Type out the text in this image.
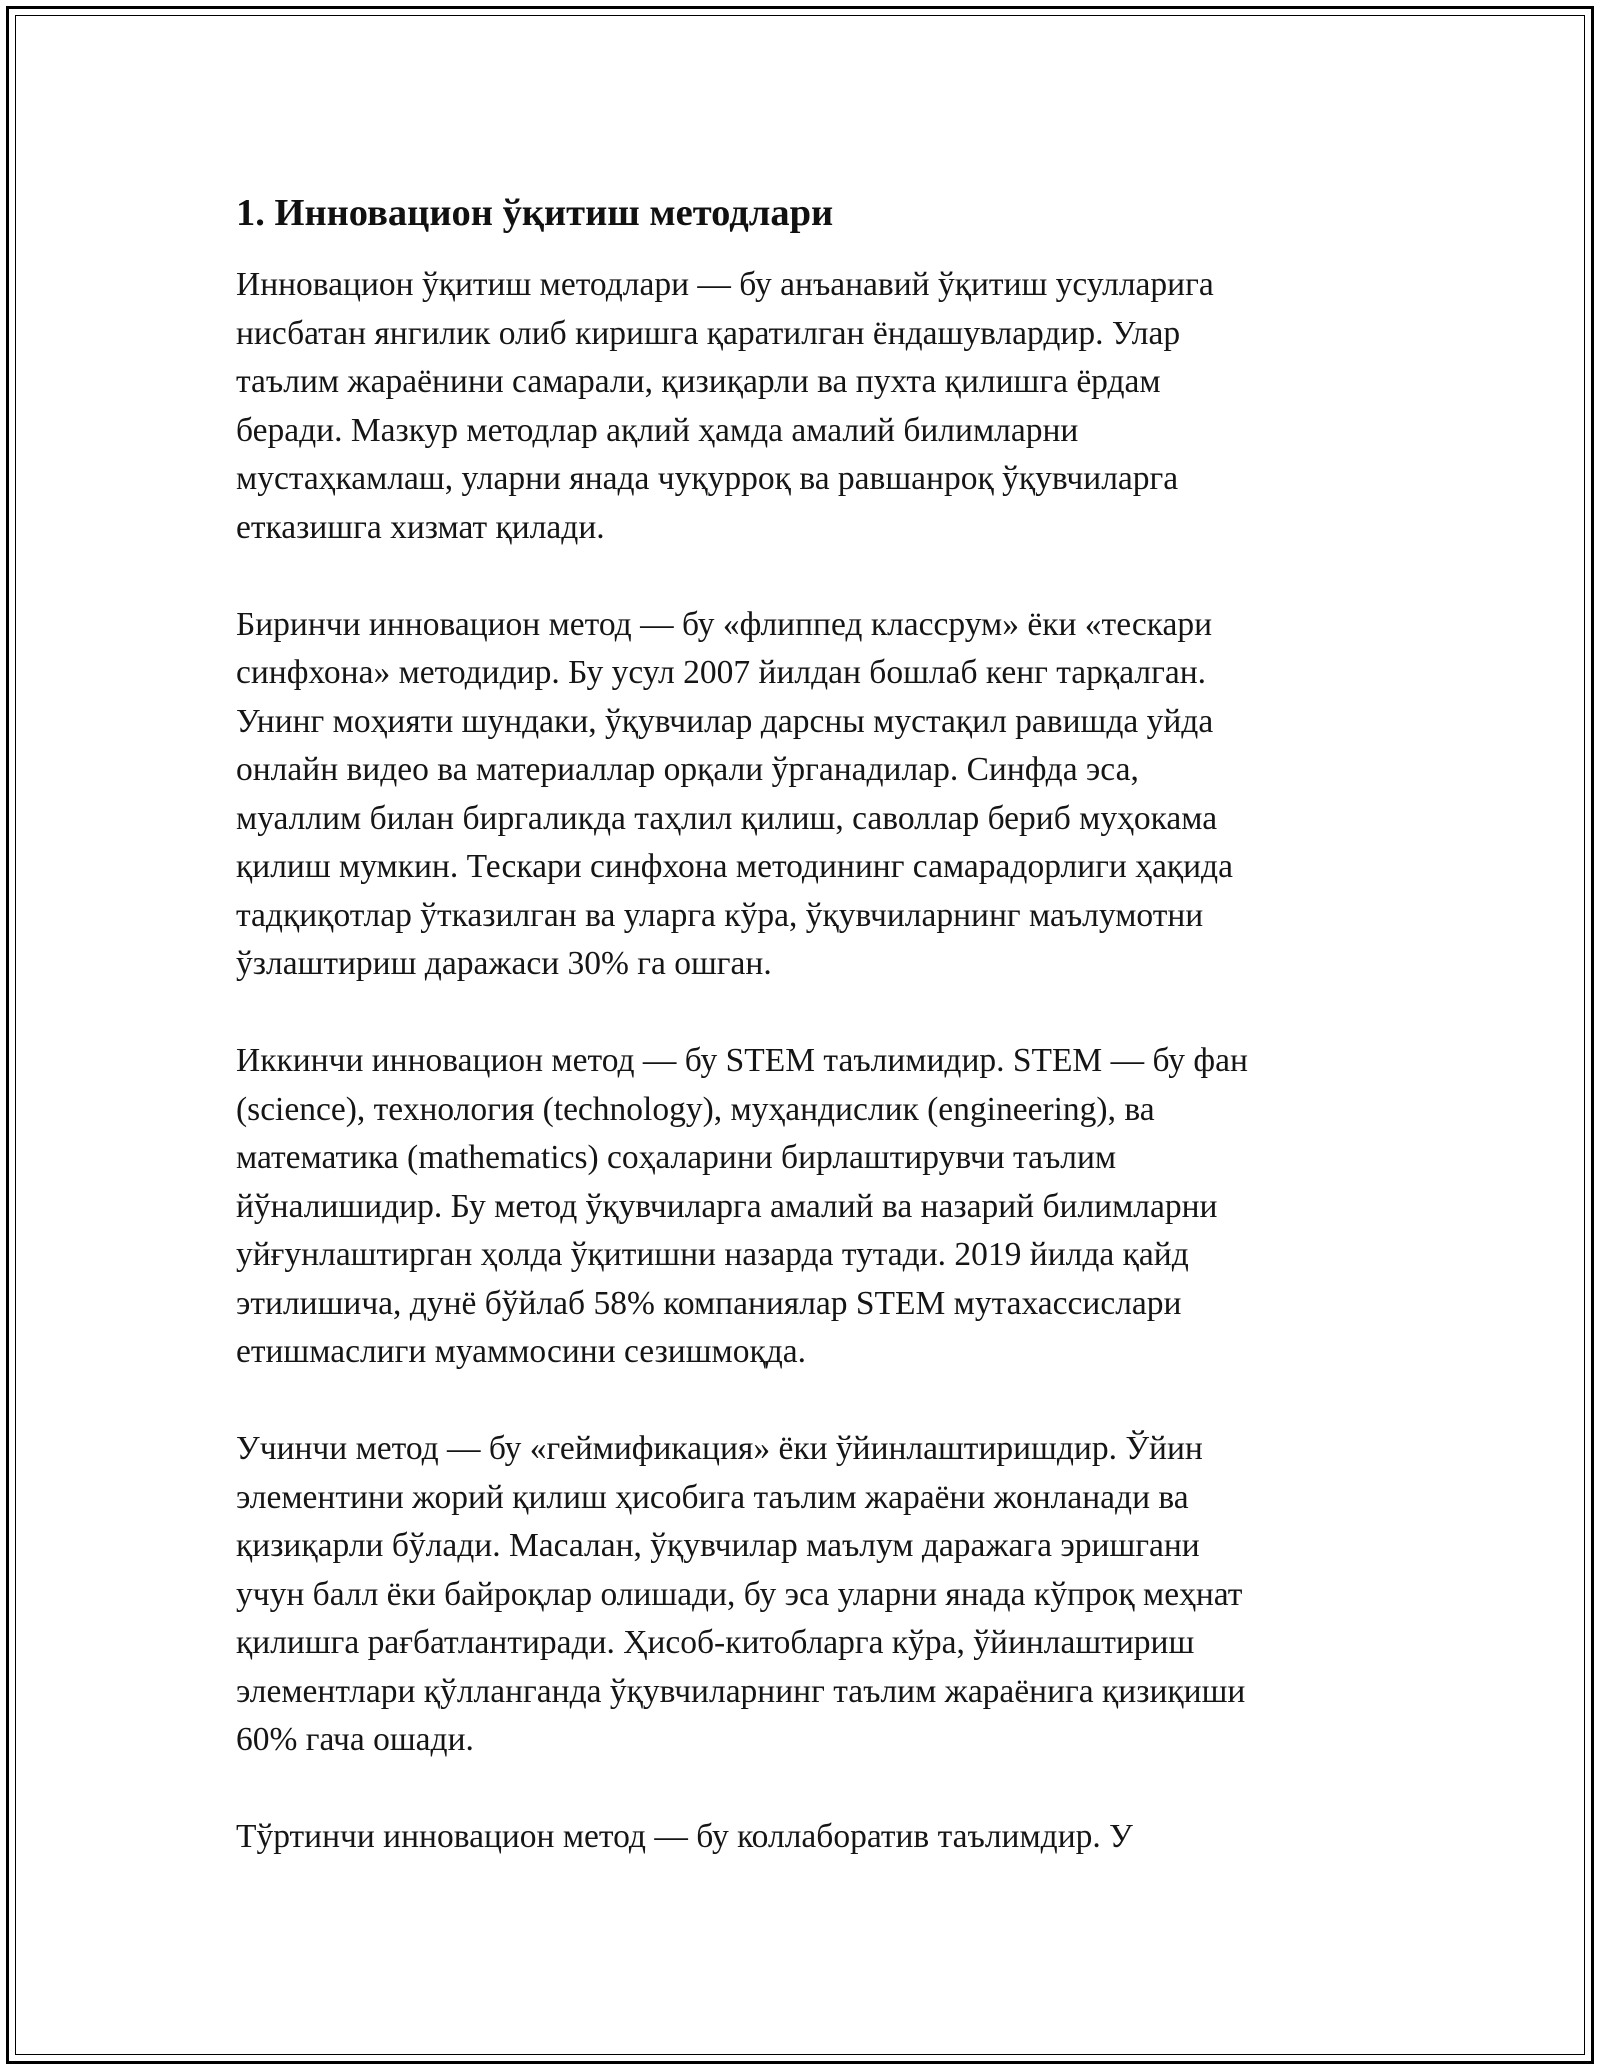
1. Инновацион ўқитиш методлари
Инновацион ўқитиш методлари — бу анъанавий ўқитиш усулларига
нисбатан янгилик олиб киришга қаратилган ёндашувлардир. Улар
таълим жараёнини самарали, қизиқарли ва пухта қилишга ёрдам
беради. Мазкур методлар ақлий ҳамда амалий билимларни
мустаҳкамлаш, уларни янада чуқурроқ ва равшанроқ ўқувчиларга
етказишга хизмат қилади.
Биринчи инновацион метод — бу «флиппед классрум» ёки «тескари
синфхона» методидир. Бу усул 2007 йилдан бошлаб кенг тарқалган.
Унинг моҳияти шундаки, ўқувчилар дарсны мустақил равишда уйда
онлайн видео ва материаллар орқали ўрганадилар. Синфда эса,
муаллим билан биргаликда таҳлил қилиш, саволлар бериб муҳокама
қилиш мумкин. Тескари синфхона методининг самарадорлиги ҳақида
тадқиқотлар ўтказилган ва уларга кўра, ўқувчиларнинг маълумотни
ўзлаштириш даражаси 30% га ошган.
Иккинчи инновацион метод — бу STEM таълимидир. STEM — бу фан
(science), технология (technology), муҳандислик (engineering), ва
математика (mathematics) соҳаларини бирлаштирувчи таълим
йўналишидир. Бу метод ўқувчиларга амалий ва назарий билимларни
уйғунлаштирган ҳолда ўқитишни назарда тутади. 2019 йилда қайд
этилишича, дунё бўйлаб 58% компаниялар STEM мутахассислари
етишмаслиги муаммосини сезишмоқда.
Учинчи метод — бу «геймификация» ёки ўйинлаштиришдир. Ўйин
элементини жорий қилиш ҳисобига таълим жараёни жонланади ва
қизиқарли бўлади. Масалан, ўқувчилар маълум даражага эришгани
учун балл ёки байроқлар олишади, бу эса уларни янада кўпроқ меҳнат
қилишга рағбатлантиради. Ҳисоб-китобларга кўра, ўйинлаштириш
элементлари қўлланганда ўқувчиларнинг таълим жараёнига қизиқиши
60% гача ошади.
Тўртинчи инновацион метод — бу коллаборатив таълимдир. У
